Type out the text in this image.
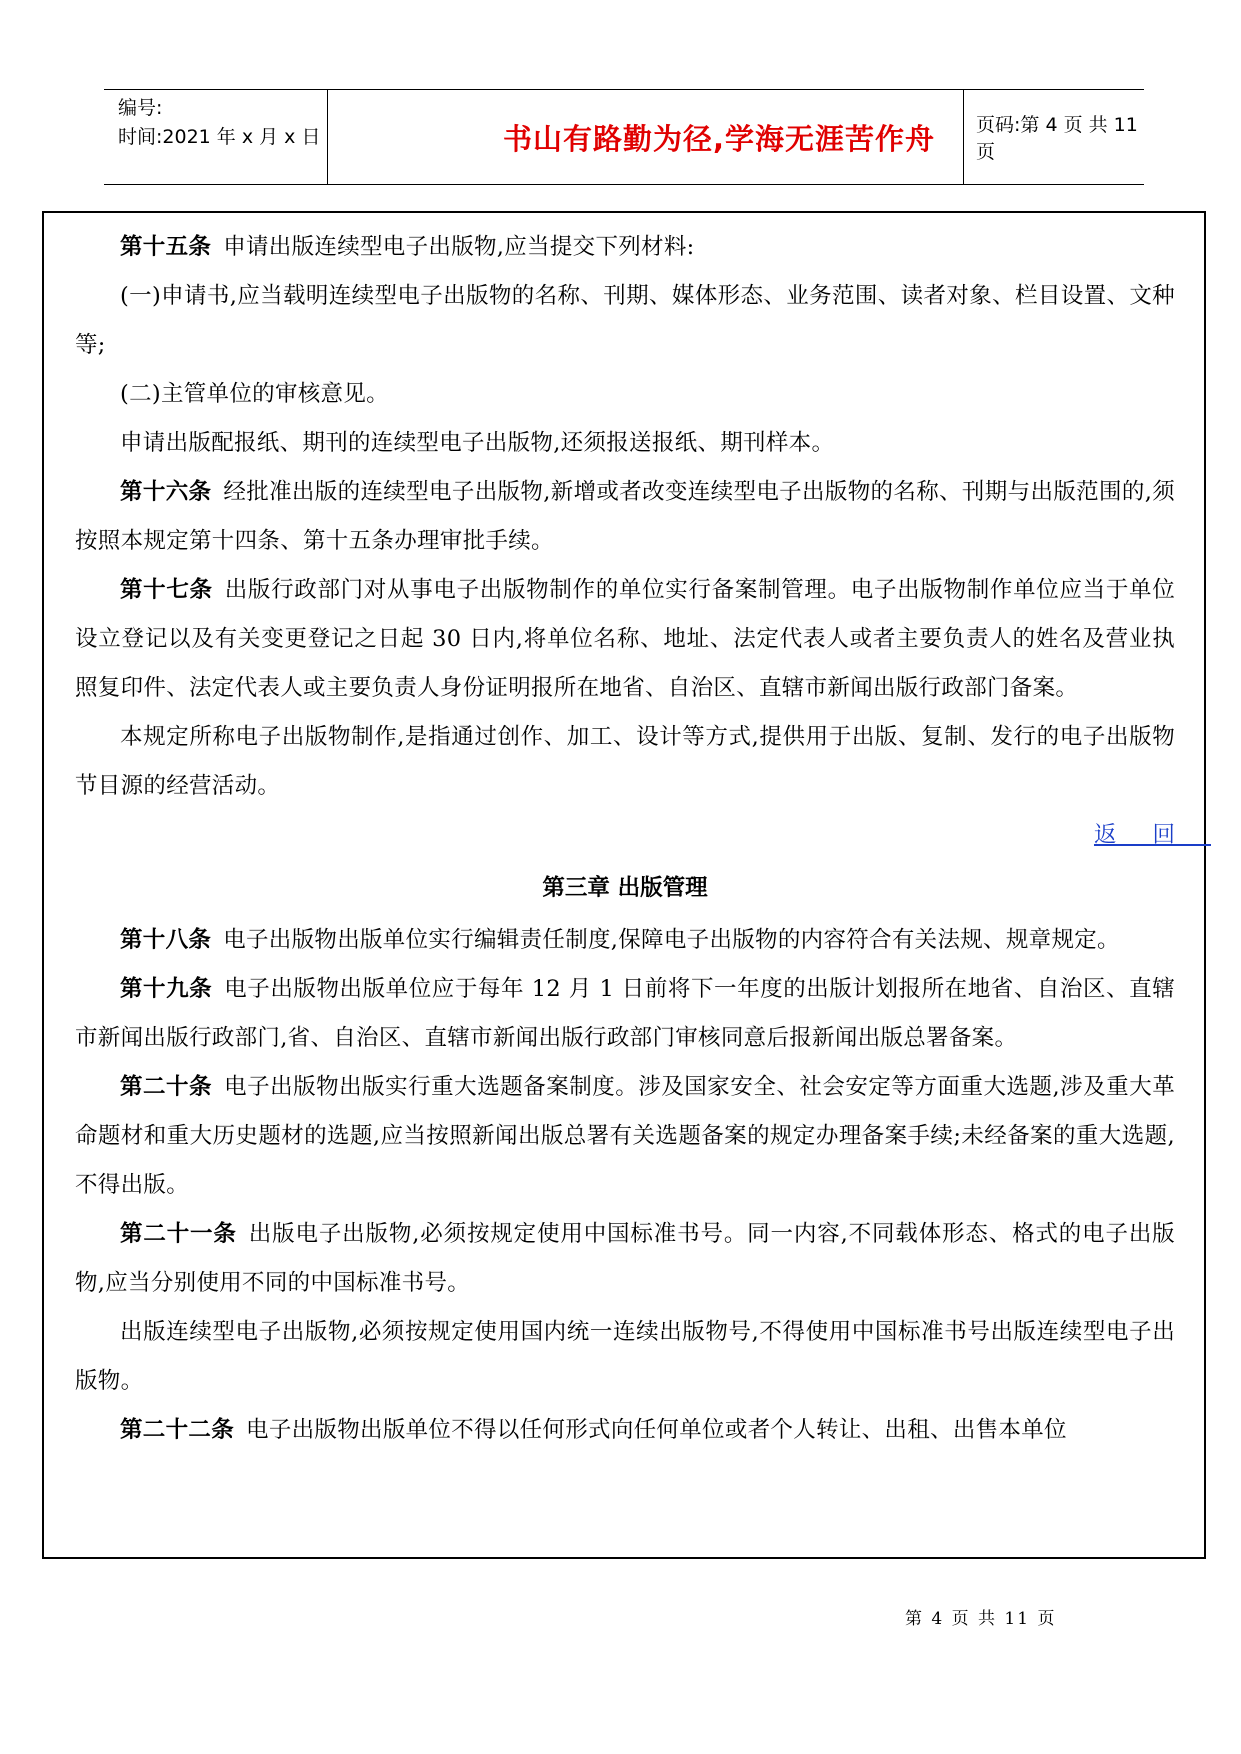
编号:
时间:2021 年 x 月 x 日	书山有路勤为径,学海无涯苦作舟	页码:第 4 页 共 11 页

第十五条 申请出版连续型电子出版物,应当提交下列材料:

(一)申请书,应当载明连续型电子出版物的名称、刊期、媒体形态、业务范围、读者对象、栏目设置、文种等;

(二)主管单位的审核意见。

申请出版配报纸、期刊的连续型电子出版物,还须报送报纸、期刊样本。

第十六条 经批准出版的连续型电子出版物,新增或者改变连续型电子出版物的名称、刊期与出版范围的,须按照本规定第十四条、第十五条办理审批手续。

第十七条 出版行政部门对从事电子出版物制作的单位实行备案制管理。电子出版物制作单位应当于单位设立登记以及有关变更登记之日起 30 日内,将单位名称、地址、法定代表人或者主要负责人的姓名及营业执照复印件、法定代表人或主要负责人身份证明报所在地省、自治区、直辖市新闻出版行政部门备案。

本规定所称电子出版物制作,是指通过创作、加工、设计等方式,提供用于出版、复制、发行的电子出版物节目源的经营活动。

返回

第三章 出版管理

第十八条 电子出版物出版单位实行编辑责任制度,保障电子出版物的内容符合有关法规、规章规定。

第十九条 电子出版物出版单位应于每年 12 月 1 日前将下一年度的出版计划报所在地省、自治区、直辖市新闻出版行政部门,省、自治区、直辖市新闻出版行政部门审核同意后报新闻出版总署备案。

第二十条 电子出版物出版实行重大选题备案制度。涉及国家安全、社会安定等方面重大选题,涉及重大革命题材和重大历史题材的选题,应当按照新闻出版总署有关选题备案的规定办理备案手续;未经备案的重大选题,不得出版。

第二十一条 出版电子出版物,必须按规定使用中国标准书号。同一内容,不同载体形态、格式的电子出版物,应当分别使用不同的中国标准书号。

出版连续型电子出版物,必须按规定使用国内统一连续出版物号,不得使用中国标准书号出版连续型电子出版物。

第二十二条 电子出版物出版单位不得以任何形式向任何单位或者个人转让、出租、出售本单位

第 4 页 共 11 页
